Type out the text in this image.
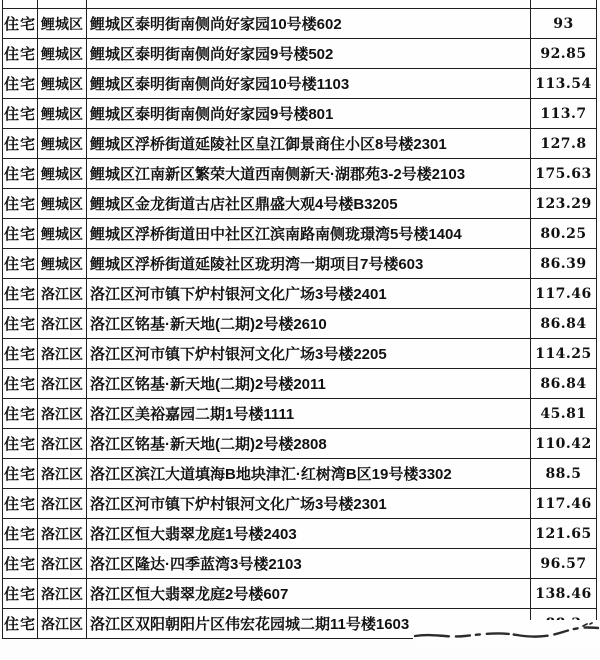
住宅 鲤城区 鲤城区泰明街南侧尚好家园10号楼602	93
住宅 鲤城区 鲤城区泰明街南侧尚好家园9号楼502	92.85
住宅 鲤城区 鲤城区泰明街南侧尚好家园10号楼1103	113.54
住宅 鲤城区 鲤城区泰明街南侧尚好家园9号楼801	113.7
住宅 鲤城区 鲤城区浮桥街道延陵社区皇江御景商住小区8号楼2301	127.8
住宅 鲤城区 鲤城区江南新区繁荣大道西南侧新天·湖郡苑3-2号楼2103	175.63
住宅 鲤城区 鲤城区金龙街道古店社区鼎盛大观4号楼B3205	123.29
住宅 鲤城区 鲤城区浮桥街道田中社区江滨南路南侧珑璟湾5号楼1404	80.25
住宅 鲤城区 鲤城区浮桥街道延陵社区珑玥湾一期项目7号楼603	86.39
住宅 洛江区 洛江区河市镇下炉村银河文化广场3号楼2401	117.46
住宅 洛江区 洛江区铭基·新天地(二期)2号楼2610	86.84
住宅 洛江区 洛江区河市镇下炉村银河文化广场3号楼2205	114.25
住宅 洛江区 洛江区铭基·新天地(二期)2号楼2011	86.84
住宅 洛江区 洛江区美裕嘉园二期1号楼1111	45.81
住宅 洛江区 洛江区铭基·新天地(二期)2号楼2808	110.42
住宅 洛江区 洛江区滨江大道填海B地块津汇·红树湾B区19号楼3302	88.5
住宅 洛江区 洛江区河市镇下炉村银河文化广场3号楼2301	117.46
住宅 洛江区 洛江区恒大翡翠龙庭1号楼2403	121.65
住宅 洛江区 洛江区隆达·四季蓝湾3号楼2103	96.57
住宅 洛江区 洛江区恒大翡翠龙庭2号楼607	138.46
住宅 洛江区 洛江区双阳朝阳片区伟宏花园城二期11号楼1603
